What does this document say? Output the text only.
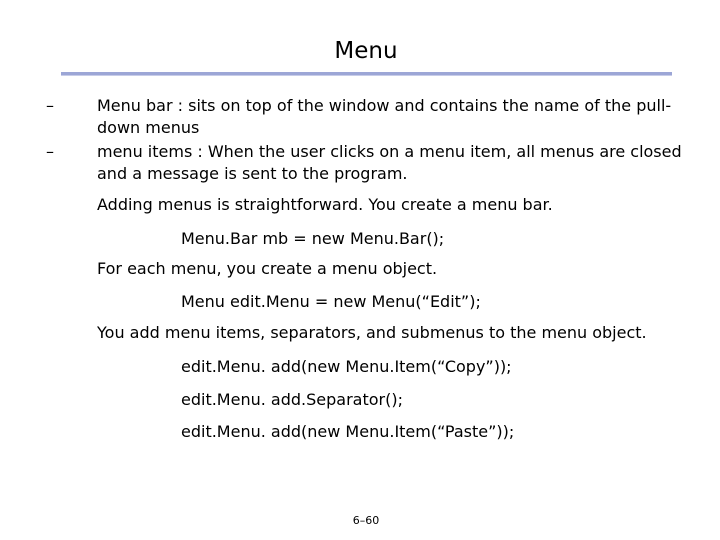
Menu
–	Menu bar : sits on top of the window and contains the name of the pull-down menus
–	menu items : When the user clicks on a menu item, all menus are closed and a message is sent to the program.
Adding menus is straightforward. You create a menu bar.
Menu.Bar mb = new Menu.Bar();
For each menu, you create a menu object.
Menu edit.Menu = new Menu(“Edit”);
You add menu items, separators, and submenus to the menu object.
edit.Menu. add(new Menu.Item(“Copy”));
edit.Menu. add.Separator();
edit.Menu. add(new Menu.Item(“Paste”));
6–60
